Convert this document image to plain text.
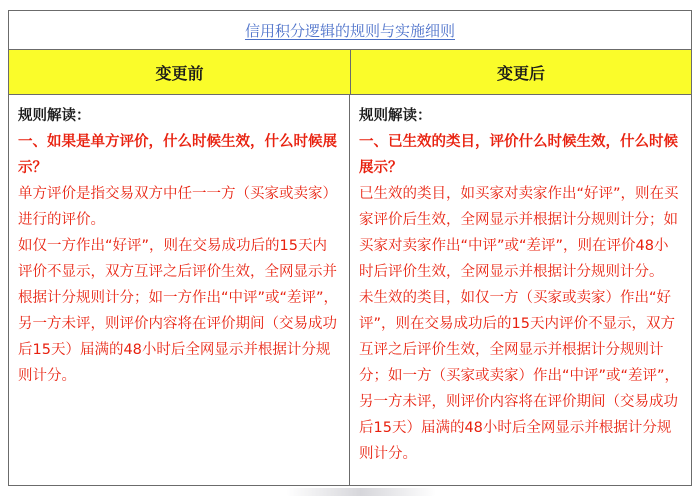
信用积分逻辑的规则与实施细则
变更前	变更后
规则解读：
一、如果是单方评价，什么时候生效，什么时候展示？
单方评价是指交易双方中任一一方（买家或卖家）进行的评价。
如仅一方作出“好评”，则在交易成功后的15天内评价不显示，双方互评之后评价生效，全网显示并根据计分规则计分；如一方作出“中评”或“差评”，另一方未评，则评价内容将在评价期间（交易成功后15天）届满的48小时后全网显示并根据计分规则计分。
规则解读：
一、已生效的类目，评价什么时候生效，什么时候展示？
已生效的类目，如买家对卖家作出“好评”，则在买家评价后生效，全网显示并根据计分规则计分；如买家对卖家作出“中评”或“差评”，则在评价48小时后评价生效，全网显示并根据计分规则计分。
未生效的类目，如仅一方（买家或卖家）作出“好评”，则在交易成功后的15天内评价不显示，双方互评之后评价生效，全网显示并根据计分规则计分；如一方（买家或卖家）作出“中评”或“差评”，另一方未评，则评价内容将在评价期间（交易成功后15天）届满的48小时后全网显示并根据计分规则计分。
